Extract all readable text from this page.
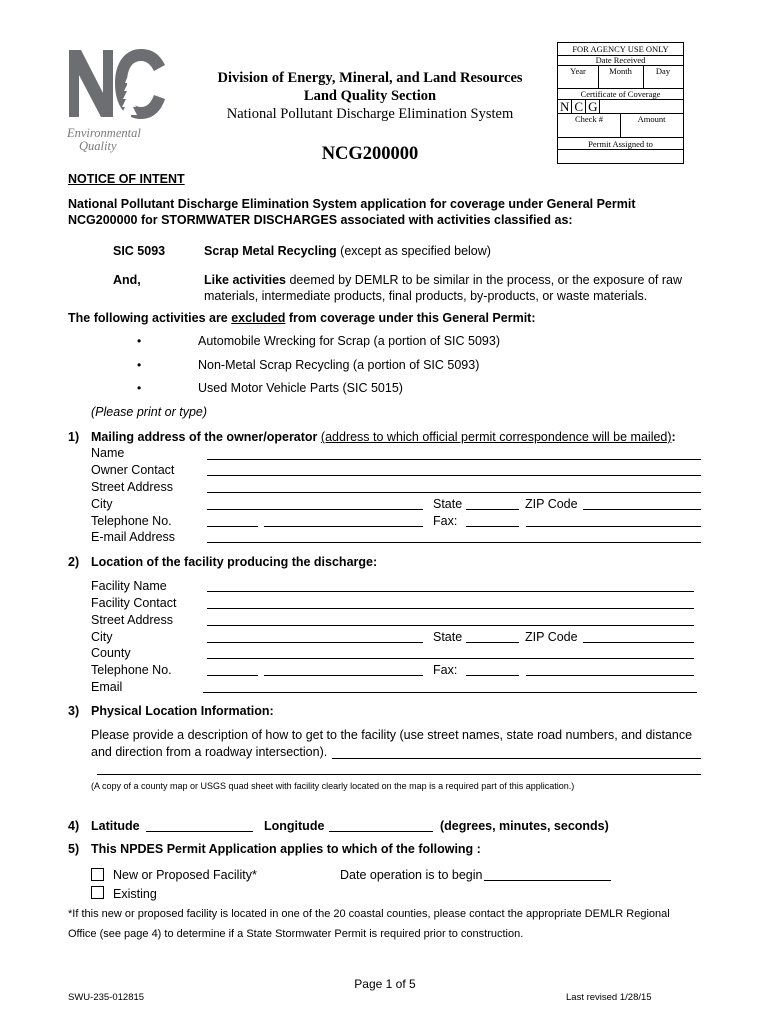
Environmental
Quality
Division of Energy, Mineral, and Land Resources
Land Quality Section
National Pollutant Discharge Elimination System
NCG200000
FOR AGENCY USE ONLY
Date Received
Year	Month	Day
Certificate of Coverage
N C G
Check #	Amount
Permit Assigned to
NOTICE OF INTENT
National Pollutant Discharge Elimination System application for coverage under General Permit
NCG200000 for STORMWATER DISCHARGES associated with activities classified as:
SIC 5093	Scrap Metal Recycling (except as specified below)
And,	Like activities deemed by DEMLR to be similar in the process, or the exposure of raw
materials, intermediate products, final products, by-products, or waste materials.
The following activities are excluded from coverage under this General Permit:
•	Automobile Wrecking for Scrap (a portion of SIC 5093)
•	Non-Metal Scrap Recycling (a portion of SIC 5093)
•	Used Motor Vehicle Parts (SIC 5015)
(Please print or type)
1) Mailing address of the owner/operator (address to which official permit correspondence will be mailed):
Name
Owner Contact
Street Address
City	State	ZIP Code
Telephone No.	Fax:
E-mail Address
2) Location of the facility producing the discharge:
Facility Name
Facility Contact
Street Address
City	State	ZIP Code
County
Telephone No.	Fax:
Email
3) Physical Location Information:
Please provide a description of how to get to the facility (use street names, state road numbers, and distance
and direction from a roadway intersection).
(A copy of a county map or USGS quad sheet with facility clearly located on the map is a required part of this application.)
4) Latitude	Longitude	(degrees, minutes, seconds)
5) This NPDES Permit Application applies to which of the following :
New or Proposed Facility*	Date operation is to begin
Existing
*If this new or proposed facility is located in one of the 20 coastal counties, please contact the appropriate DEMLR Regional
Office (see page 4) to determine if a State Stormwater Permit is required prior to construction.
Page 1 of 5
SWU-235-012815	Last revised 1/28/15
